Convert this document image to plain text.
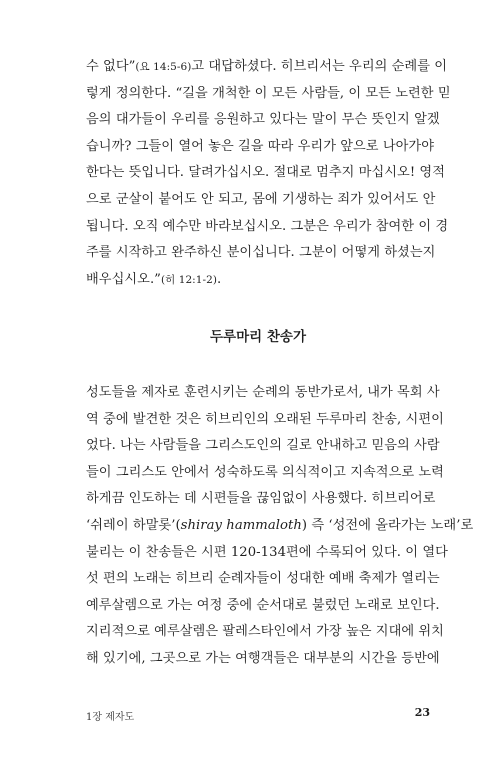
수 없다”(요 14:5-6)고 대답하셨다. 히브리서는 우리의 순례를 이
렇게 정의한다. “길을 개척한 이 모든 사람들, 이 모든 노련한 믿
음의 대가들이 우리를 응원하고 있다는 말이 무슨 뜻인지 알겠
습니까? 그들이 열어 놓은 길을 따라 우리가 앞으로 나아가야
한다는 뜻입니다. 달려가십시오. 절대로 멈추지 마십시오! 영적
으로 군살이 붙어도 안 되고, 몸에 기생하는 죄가 있어서도 안
됩니다. 오직 예수만 바라보십시오. 그분은 우리가 참여한 이 경
주를 시작하고 완주하신 분이십니다. 그분이 어떻게 하셨는지
배우십시오.”(히 12:1-2).
두루마리 찬송가
성도들을 제자로 훈련시키는 순례의 동반가로서, 내가 목회 사
역 중에 발견한 것은 히브리인의 오래된 두루마리 찬송, 시편이
었다. 나는 사람들을 그리스도인의 길로 안내하고 믿음의 사람
들이 그리스도 안에서 성숙하도록 의식적이고 지속적으로 노력
하게끔 인도하는 데 시편들을 끊임없이 사용했다. 히브리어로
‘쉬레이 하말롯’(shiray hammaloth) 즉 ‘성전에 올라가는 노래’로
불리는 이 찬송들은 시편 120-134편에 수록되어 있다. 이 열다
섯 편의 노래는 히브리 순례자들이 성대한 예배 축제가 열리는
예루살렘으로 가는 여정 중에 순서대로 불렀던 노래로 보인다.
지리적으로 예루살렘은 팔레스타인에서 가장 높은 지대에 위치
해 있기에, 그곳으로 가는 여행객들은 대부분의 시간을 등반에
1장 제자도	23
